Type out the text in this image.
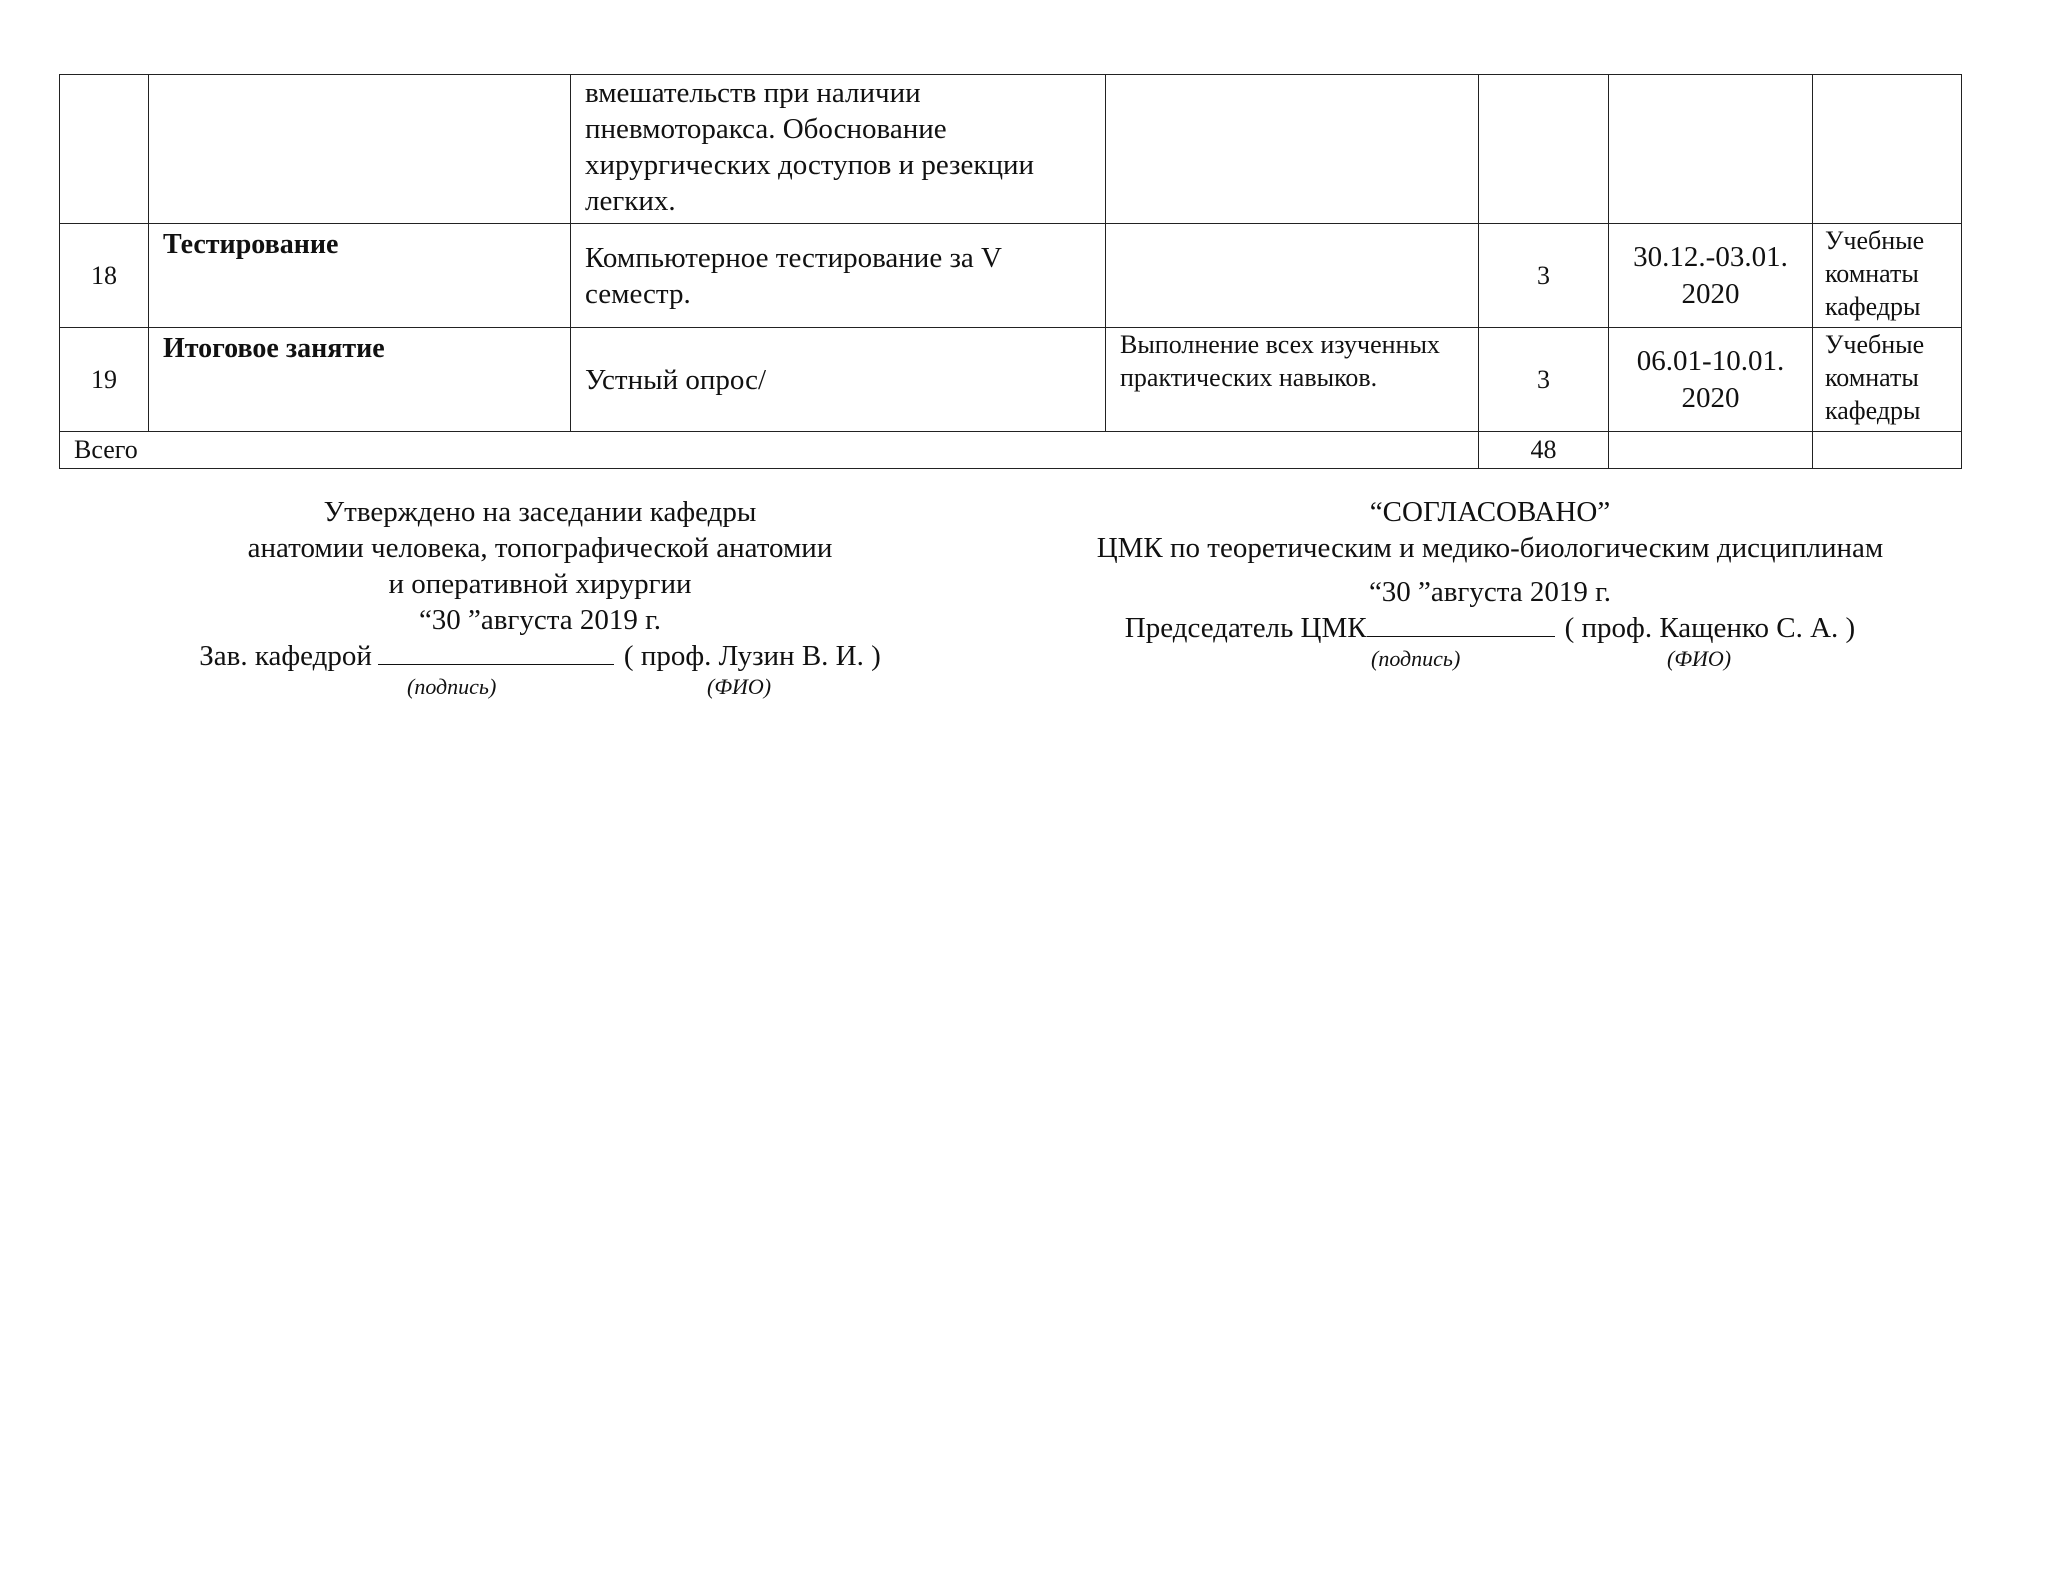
		вмешательств при наличии пневмоторакса. Обоснование хирургических доступов и резекции легких.				
18	Тестирование	Компьютерное тестирование за V семестр.		3	30.12.-03.01. 2020	Учебные комнаты кафедры
19	Итоговое занятие	Устный опрос/	Выполнение всех изученных практических навыков.	3	06.01-10.01. 2020	Учебные комнаты кафедры
Всего				48		
Утверждено на заседании кафедры
анатомии человека, топографической анатомии
и оперативной хирургии
“30 ”августа 2019 г.
Зав. кафедрой	( проф. Лузин В. И. )
(подпись)	(ФИО)
“СОГЛАСОВАНО”
ЦМК по теоретическим и медико-биологическим дисциплинам
“30 ”августа 2019 г.
Председатель ЦМК	( проф. Кащенко С. А. )
(подпись)	(ФИО)
